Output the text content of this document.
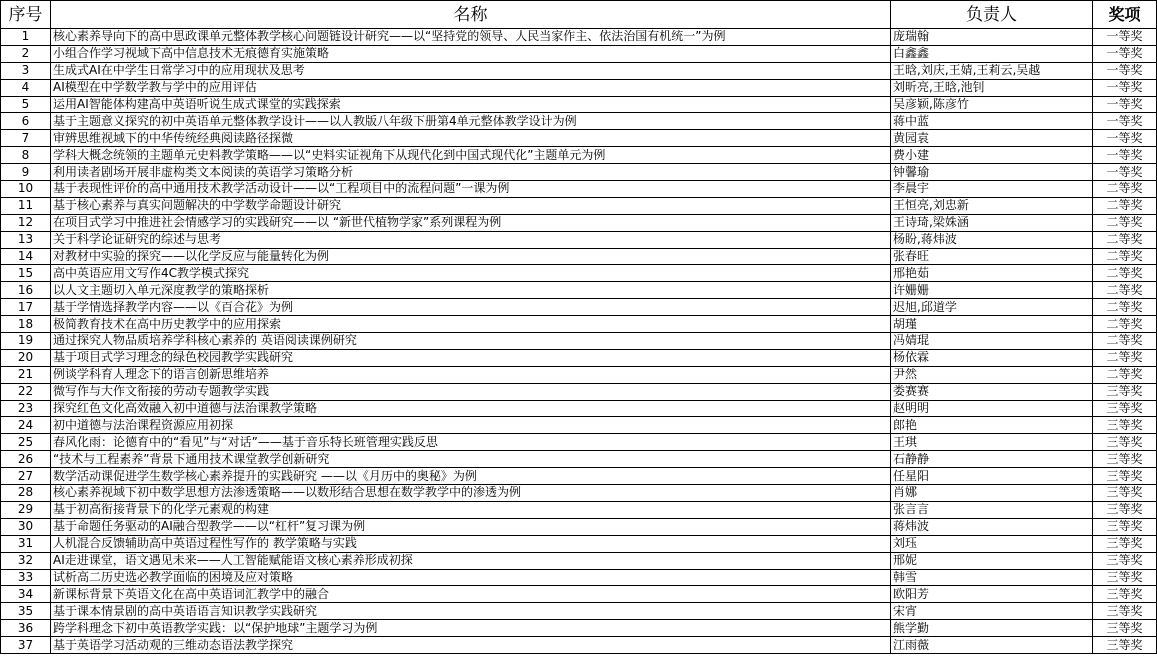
序号	名称	负责人	奖项
1	核心素养导向下的高中思政课单元整体教学核心问题链设计研究——以“坚持党的领导、人民当家作主、依法治国有机统一”为例	庞瑞翰	一等奖
2	小组合作学习视域下高中信息技术无痕德育实施策略	白鑫鑫	一等奖
3	生成式AI在中学生日常学习中的应用现状及思考	王晗,刘庆,王婧,王莉云,吴越	一等奖
4	AI模型在中学数学教与学中的应用评估	刘昕亮,王晗,池钊	一等奖
5	运用AI智能体构建高中英语听说生成式课堂的实践探索	吴彦颖,陈彦竹	一等奖
6	基于主题意义探究的初中英语单元整体教学设计——以人教版八年级下册第4单元整体教学设计为例	蒋中蓝	一等奖
7	审辨思维视域下的中华传统经典阅读路径探微	黄园袁	一等奖
8	学科大概念统领的主题单元史料教学策略——以“史料实证视角下从现代化到中国式现代化”主题单元为例	费小建	一等奖
9	利用读者剧场开展非虚构类文本阅读的英语学习策略分析	钟馨瑜	一等奖
10	基于表现性评价的高中通用技术教学活动设计——以“工程项目中的流程问题”一课为例	李晨宇	二等奖
11	基于核心素养与真实问题解决的中学数学命题设计研究	王恒亮,刘忠新	二等奖
12	在项目式学习中推进社会情感学习的实践研究——以 “新世代植物学家”系列课程为例	王诗琦,梁姝涵	二等奖
13	关于科学论证研究的综述与思考	杨盼,蒋炜波	二等奖
14	对教材中实验的探究——以化学反应与能量转化为例	张春旺	二等奖
15	高中英语应用文写作4C教学模式探究	邢艳茹	二等奖
16	以人文主题切入单元深度教学的策略探析	许姗姗	二等奖
17	基于学情选择教学内容——以《百合花》为例	迟旭,邱道学	二等奖
18	极简教育技术在高中历史教学中的应用探索	胡瑾	二等奖
19	通过探究人物品质培养学科核心素养的 英语阅读课例研究	冯婧琨	二等奖
20	基于项目式学习理念的绿色校园教学实践研究	杨依霖	二等奖
21	例谈学科育人理念下的语言创新思维培养	尹然	二等奖
22	微写作与大作文衔接的劳动专题教学实践	娄赛赛	三等奖
23	探究红色文化高效融入初中道德与法治课教学策略	赵明明	三等奖
24	初中道德与法治课程资源应用初探	郎艳	三等奖
25	春风化雨：论德育中的“看见”与“对话”——基于音乐特长班管理实践反思	王琪	三等奖
26	“技术与工程素养”背景下通用技术课堂教学创新研究	石静静	三等奖
27	数学活动课促进学生数学核心素养提升的实践研究 ——以《月历中的奥秘》为例	任星阳	三等奖
28	核心素养视域下初中数学思想方法渗透策略——以数形结合思想在数学教学中的渗透为例	肖娜	三等奖
29	基于初高衔接背景下的化学元素观的构建	张言言	三等奖
30	基于命题任务驱动的AI融合型教学——以“杠杆”复习课为例	蒋炜波	三等奖
31	人机混合反馈辅助高中英语过程性写作的 教学策略与实践	刘珏	三等奖
32	AI走进课堂，语文遇见未来——人工智能赋能语文核心素养形成初探	邢妮	三等奖
33	试析高二历史选必教学面临的困境及应对策略	韩雪	三等奖
34	新课标背景下英语文化在高中英语词汇教学中的融合	欧阳芳	三等奖
35	基于课本情景剧的高中英语语言知识教学实践研究	宋宵	三等奖
36	跨学科理念下初中英语教学实践：以“保护地球”主题学习为例	熊学勤	三等奖
37	基于英语学习活动观的三维动态语法教学探究	江雨薇	三等奖
